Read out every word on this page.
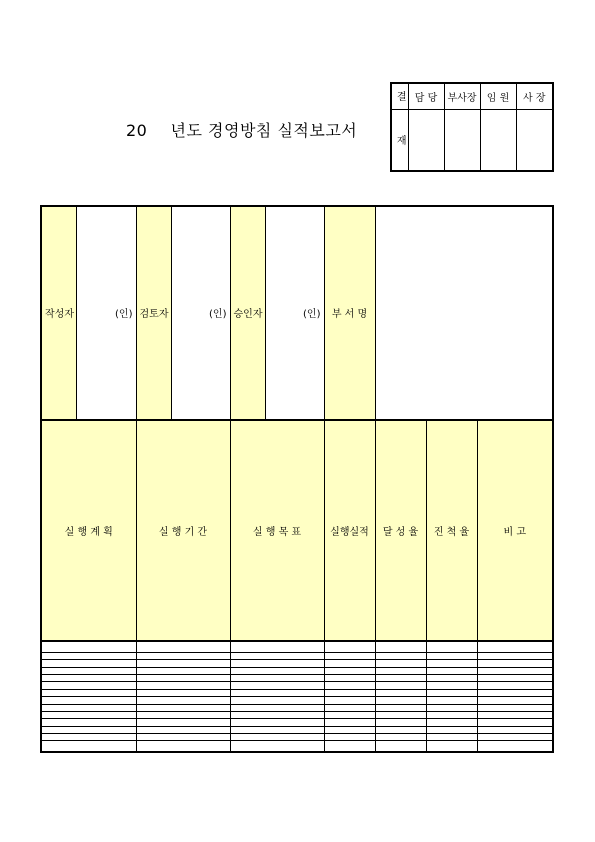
20 년도 경영방침 실적보고서
결	담 당	부사장	임 원	사 장
재				
작성자	(인)	검토자	(인)	승인자	(인)	부 서 명			
실 행 계 획		실 행 기 간		실 행 목 표		실행실적	달 성 율	진 척 율	비 고
